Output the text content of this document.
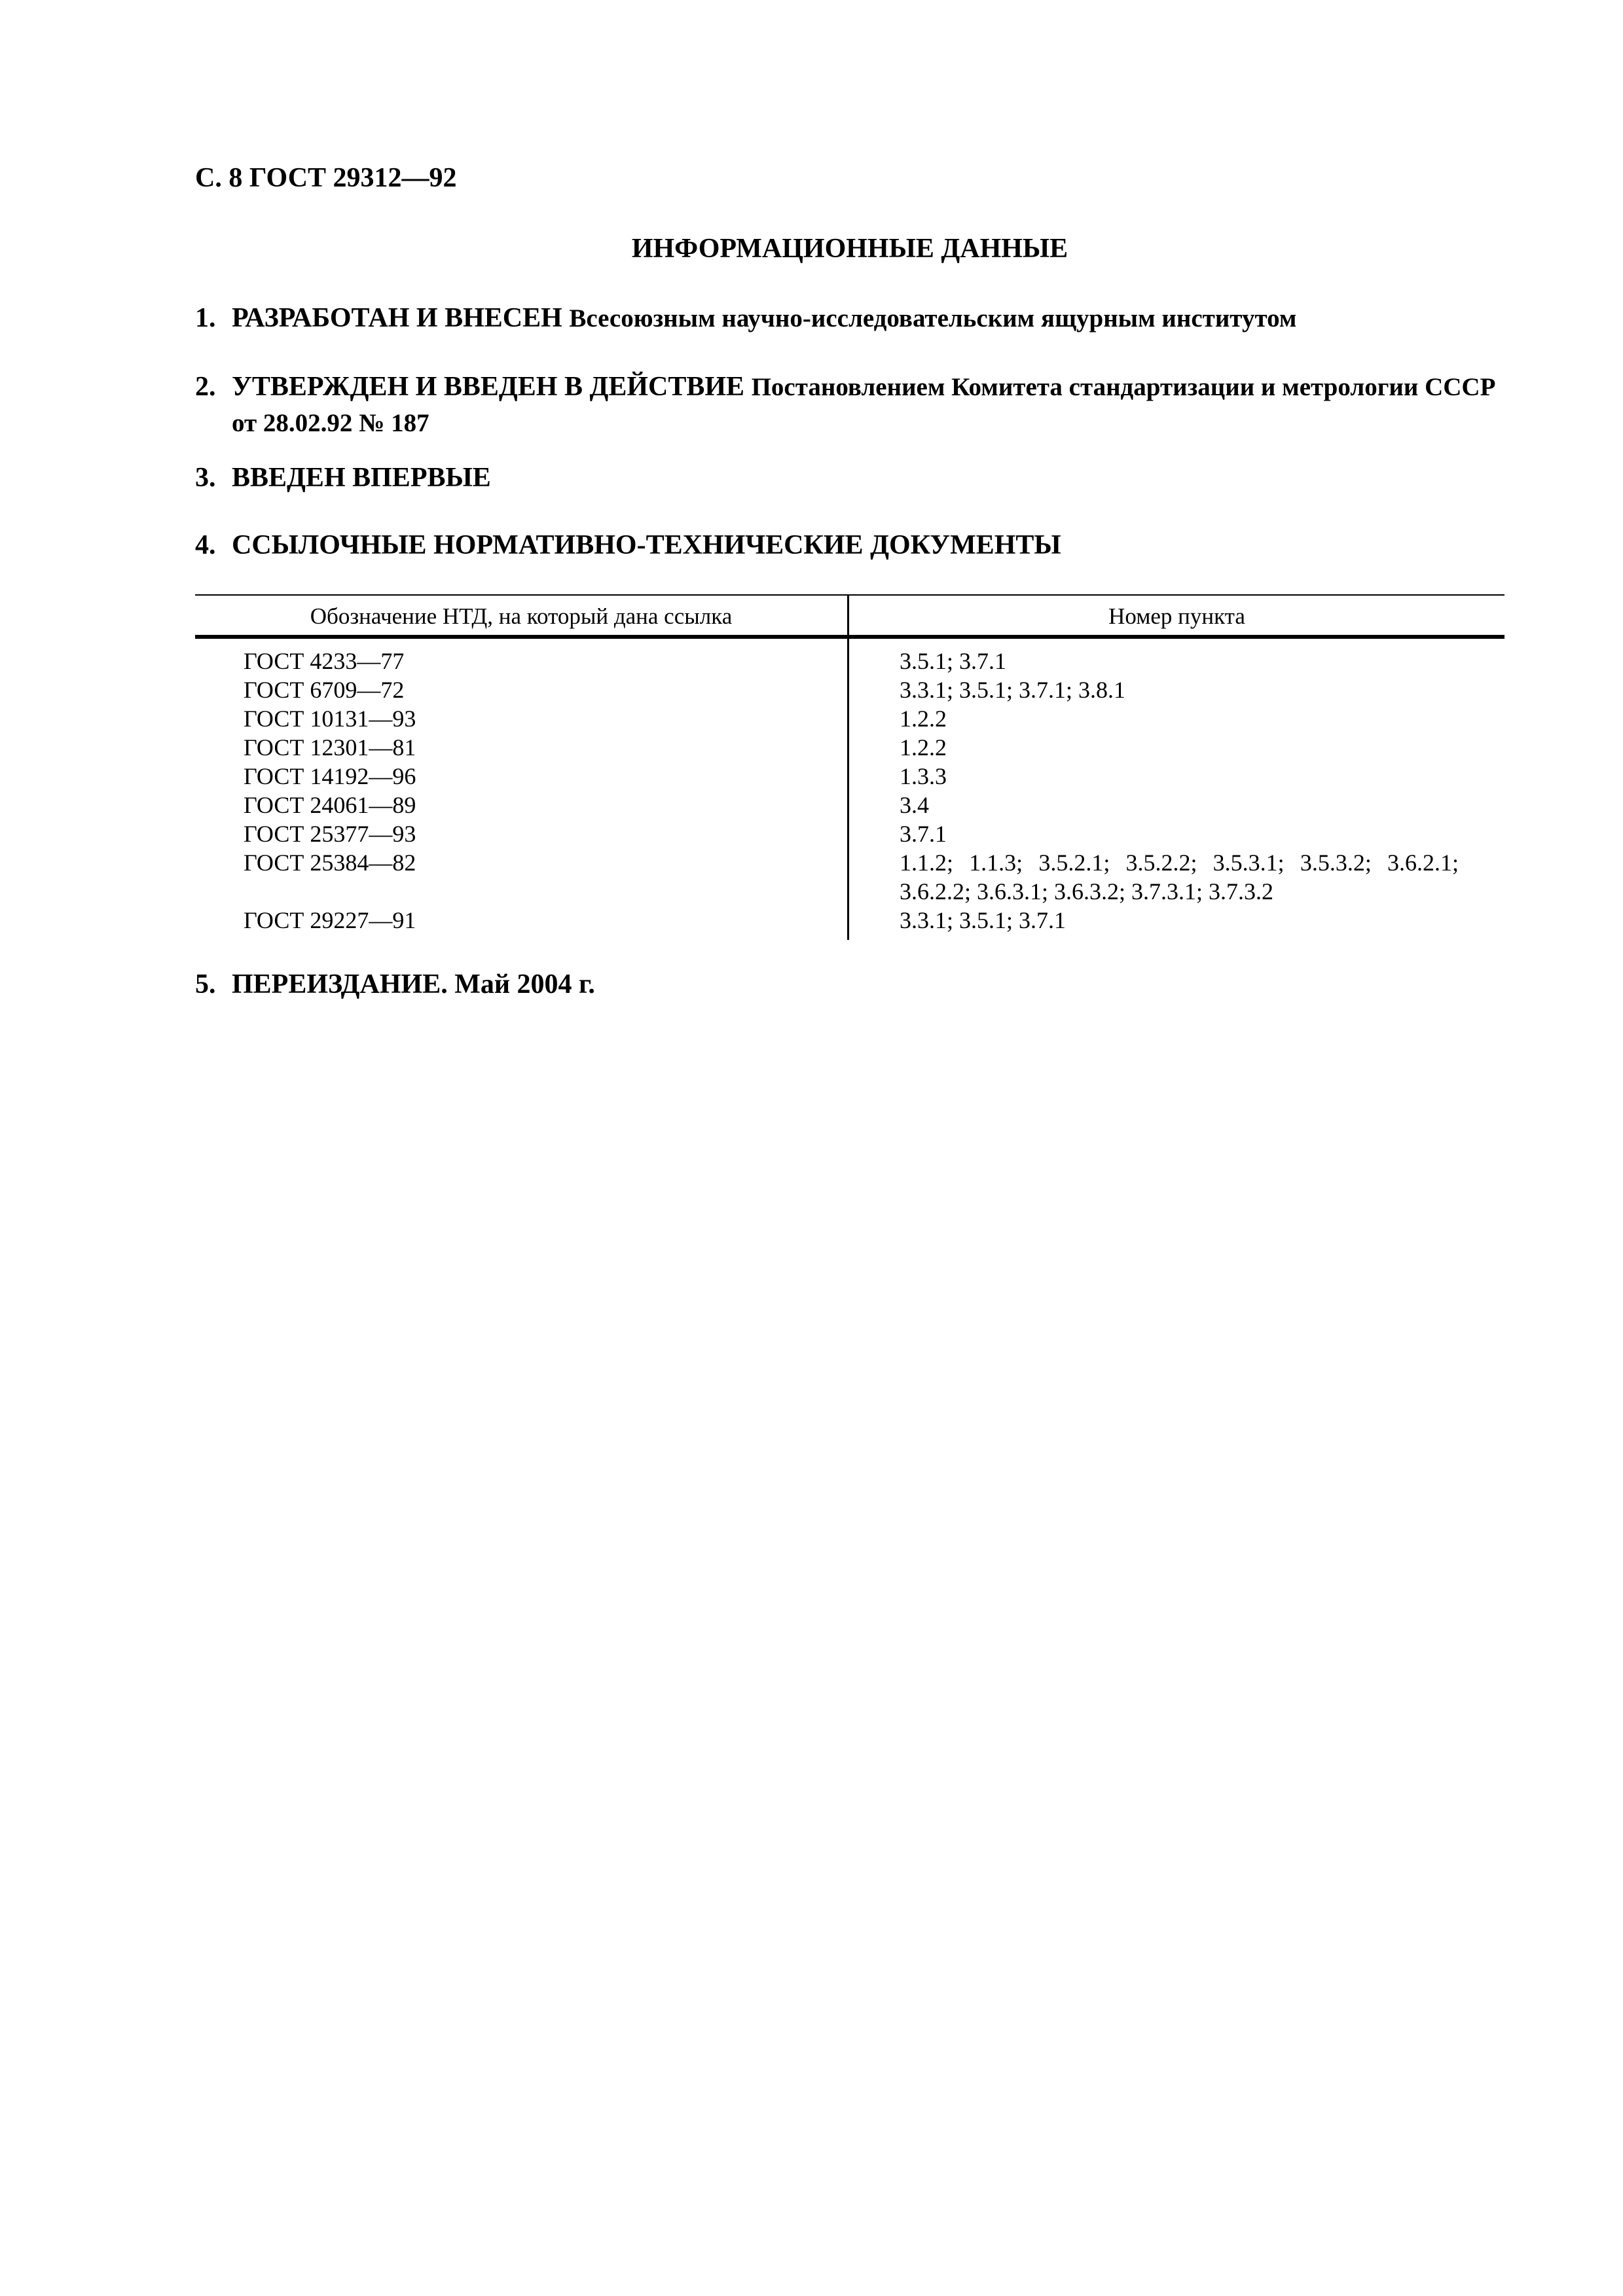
С. 8 ГОСТ 29312—92
ИНФОРМАЦИОННЫЕ ДАННЫЕ
1. РАЗРАБОТАН И ВНЕСЕН Всесоюзным научно-исследовательским ящурным институтом
2. УТВЕРЖДЕН И ВВЕДЕН В ДЕЙСТВИЕ Постановлением Комитета стандартизации и метрологии СССР от 28.02.92 № 187
3. ВВЕДЕН ВПЕРВЫЕ
4. ССЫЛОЧНЫЕ НОРМАТИВНО-ТЕХНИЧЕСКИЕ ДОКУМЕНТЫ
Обозначение НТД, на который дана ссылка	Номер пункта
ГОСТ 4233—77	3.5.1; 3.7.1
ГОСТ 6709—72	3.3.1; 3.5.1; 3.7.1; 3.8.1
ГОСТ 10131—93	1.2.2
ГОСТ 12301—81	1.2.2
ГОСТ 14192—96	1.3.3
ГОСТ 24061—89	3.4
ГОСТ 25377—93	3.7.1
ГОСТ 25384—82	1.1.2; 1.1.3; 3.5.2.1; 3.5.2.2; 3.5.3.1; 3.5.3.2; 3.6.2.1;
3.6.2.2; 3.6.3.1; 3.6.3.2; 3.7.3.1; 3.7.3.2
ГОСТ 29227—91	3.3.1; 3.5.1; 3.7.1
5. ПЕРЕИЗДАНИЕ. Май 2004 г.
